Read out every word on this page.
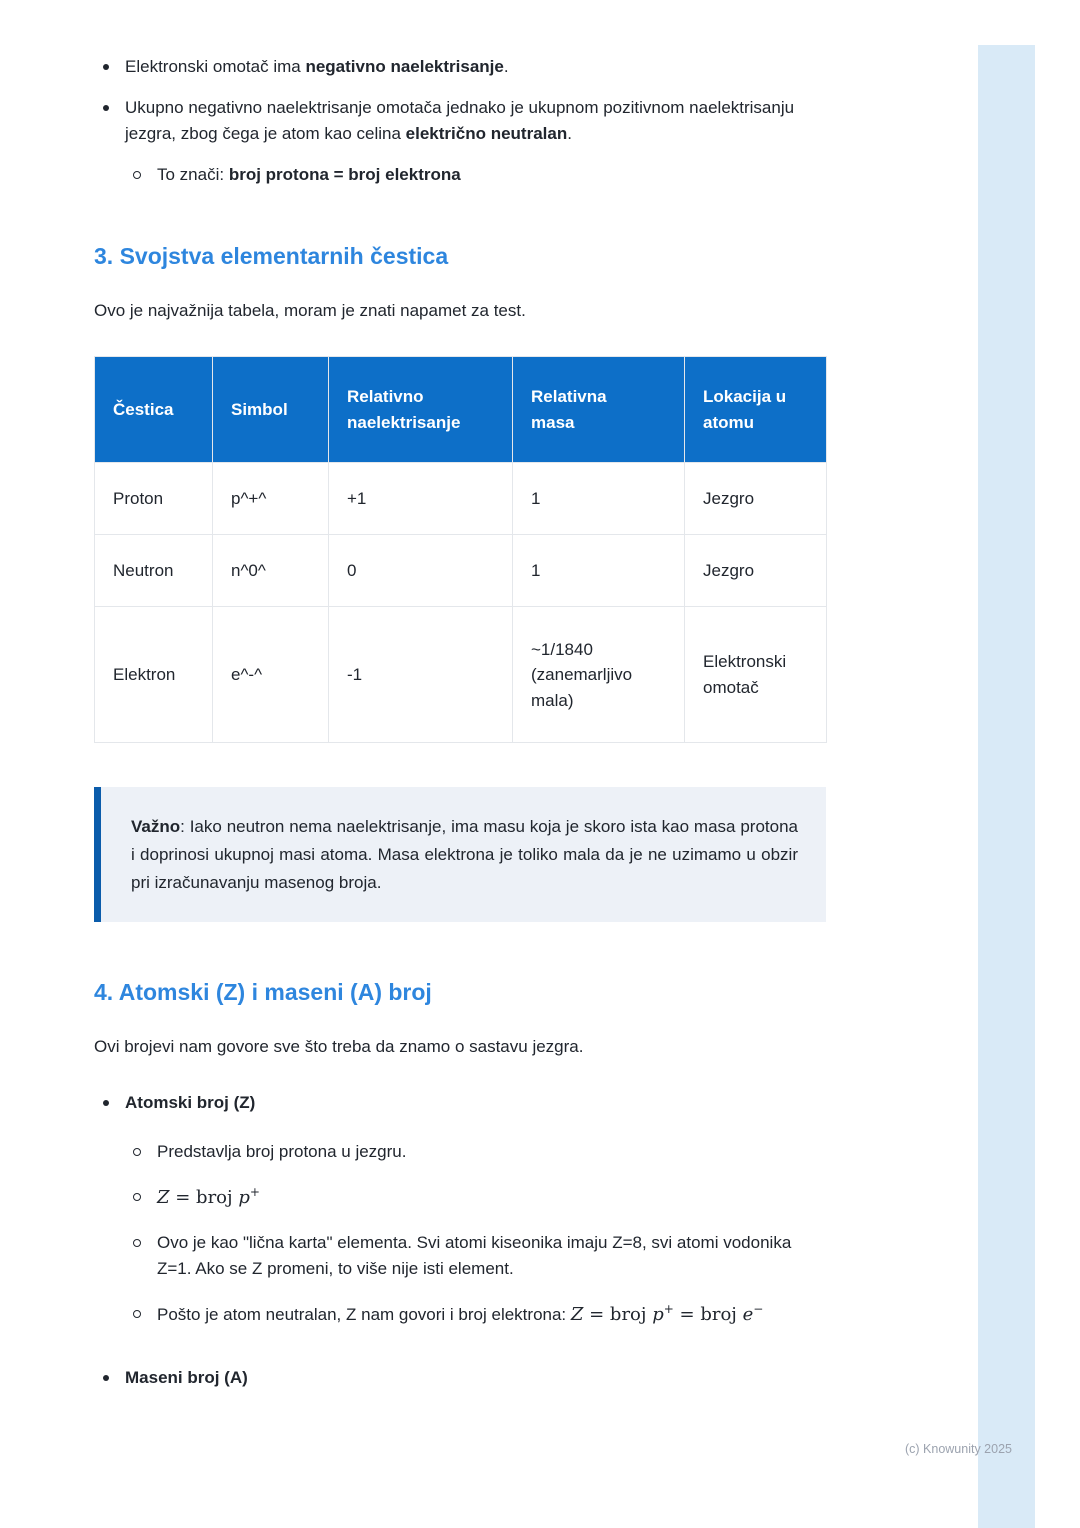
Elektronski omotač ima negativno naelektrisanje.
Ukupno negativno naelektrisanje omotača jednako je ukupnom pozitivnom naelektrisanju jezgra, zbog čega je atom kao celina električno neutralan.
To znači: broj protona = broj elektrona
3. Svojstva elementarnih čestica

Ovo je najvažnija tabela, moram je znati napamet za test.

Čestica	Simbol	Relativno naelektrisanje	Relativna masa	Lokacija u atomu
Proton	p^+^	+1	1	Jezgro
Neutron	n^0^	0	1	Jezgro
Elektron	e^-^	-1	~1/1840 (zanemarljivo mala)	Elektronski omotač
Važno: Iako neutron nema naelektrisanje, ima masu koja je skoro ista kao masa protona i doprinosi ukupnoj masi atoma. Masa elektrona je toliko mala da je ne uzimamo u obzir pri izračunavanju masenog broja.
4. Atomski (Z) i maseni (A) broj

Ovi brojevi nam govore sve što treba da znamo o sastavu jezgra.

Atomski broj (Z)
Predstavlja broj protona u jezgru.
Z = broj p+
Ovo je kao "lična karta" elementa. Svi atomi kiseonika imaju Z=8, svi atomi vodonika Z=1. Ako se Z promeni, to više nije isti element.
Pošto je atom neutralan, Z nam govori i broj elektrona: Z = broj p+ = broj e−
Maseni broj (A)
(c) Knowunity 2025
